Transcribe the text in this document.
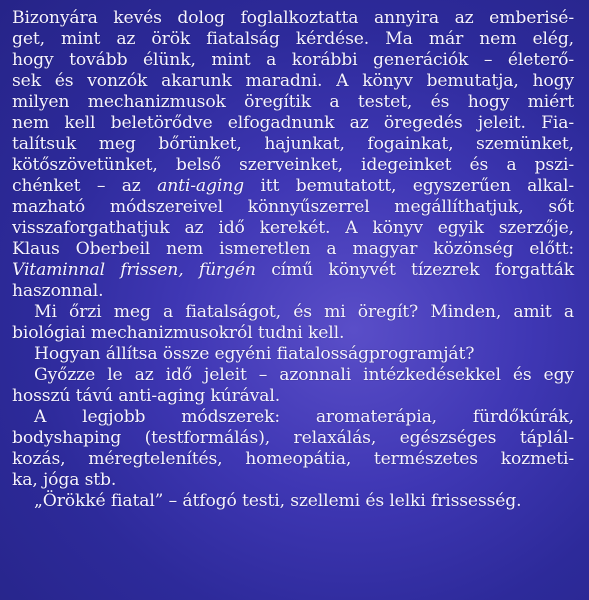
Bizonyára kevés dolog foglalkoztatta annyira az emberisé-
get, mint az örök fiatalság kérdése. Ma már nem elég,
hogy tovább élünk, mint a korábbi generációk – életerő-
sek és vonzók akarunk maradni. A könyv bemutatja, hogy
milyen mechanizmusok öregítik a testet, és hogy miért
nem kell beletörődve elfogadnunk az öregedés jeleit. Fia-
talítsuk meg bőrünket, hajunkat, fogainkat, szemünket,
kötőszövetünket, belső szerveinket, idegeinket és a pszi-
chénket – az anti-aging itt bemutatott, egyszerűen alkal-
mazható módszereivel könnyűszerrel megállíthatjuk, sőt
visszaforgathatjuk az idő kerekét. A könyv egyik szerzője,
Klaus Oberbeil nem ismeretlen a magyar közönség előtt:
Vitaminnal frissen, fürgén című könyvét tízezrek forgatták
haszonnal.
Mi őrzi meg a fiatalságot, és mi öregít? Minden, amit a
biológiai mechanizmusokról tudni kell.
Hogyan állítsa össze egyéni fiatalosságprogramját?
Győzze le az idő jeleit – azonnali intézkedésekkel és egy
hosszú távú anti-aging kúrával.
A legjobb módszerek: aromaterápia, fürdőkúrák,
bodyshaping (testformálás), relaxálás, egészséges táplál-
kozás, méregtelenítés, homeopátia, természetes kozmeti-
ka, jóga stb.
„Örökké fiatal” – átfogó testi, szellemi és lelki frissesség.
